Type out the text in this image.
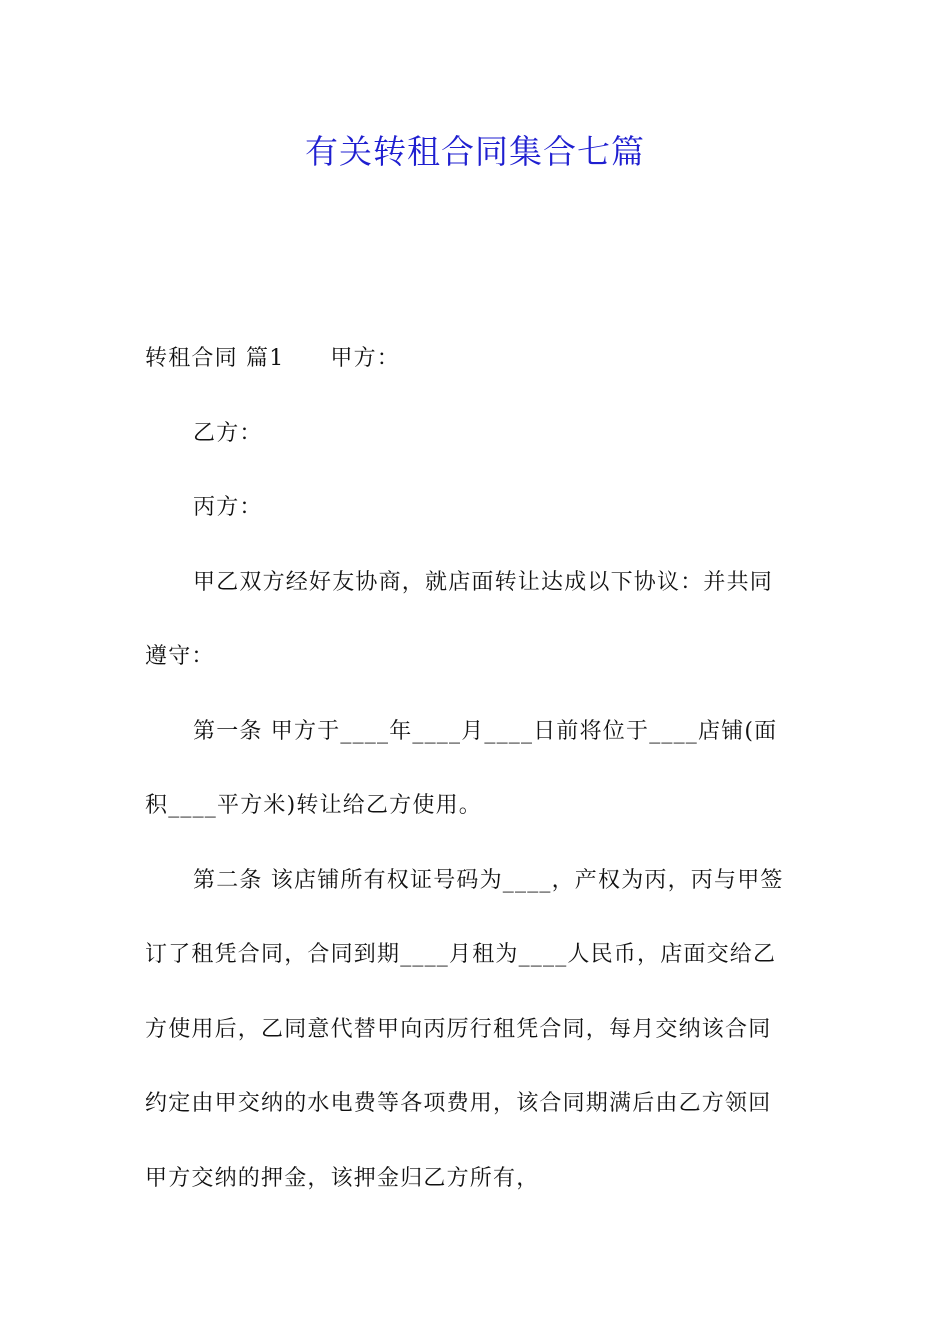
有关转租合同集合七篇
转租合同 篇1 甲方：
乙方：
丙方：
甲乙双方经好友协商，就店面转让达成以下协议：并共同
遵守：
第一条 甲方于____年____月____日前将位于____店铺(面
积____平方米)转让给乙方使用。
第二条 该店铺所有权证号码为____，产权为丙，丙与甲签
订了租凭合同，合同到期____月租为____人民币，店面交给乙
方使用后，乙同意代替甲向丙厉行租凭合同，每月交纳该合同
约定由甲交纳的水电费等各项费用，该合同期满后由乙方领回
甲方交纳的押金，该押金归乙方所有，
